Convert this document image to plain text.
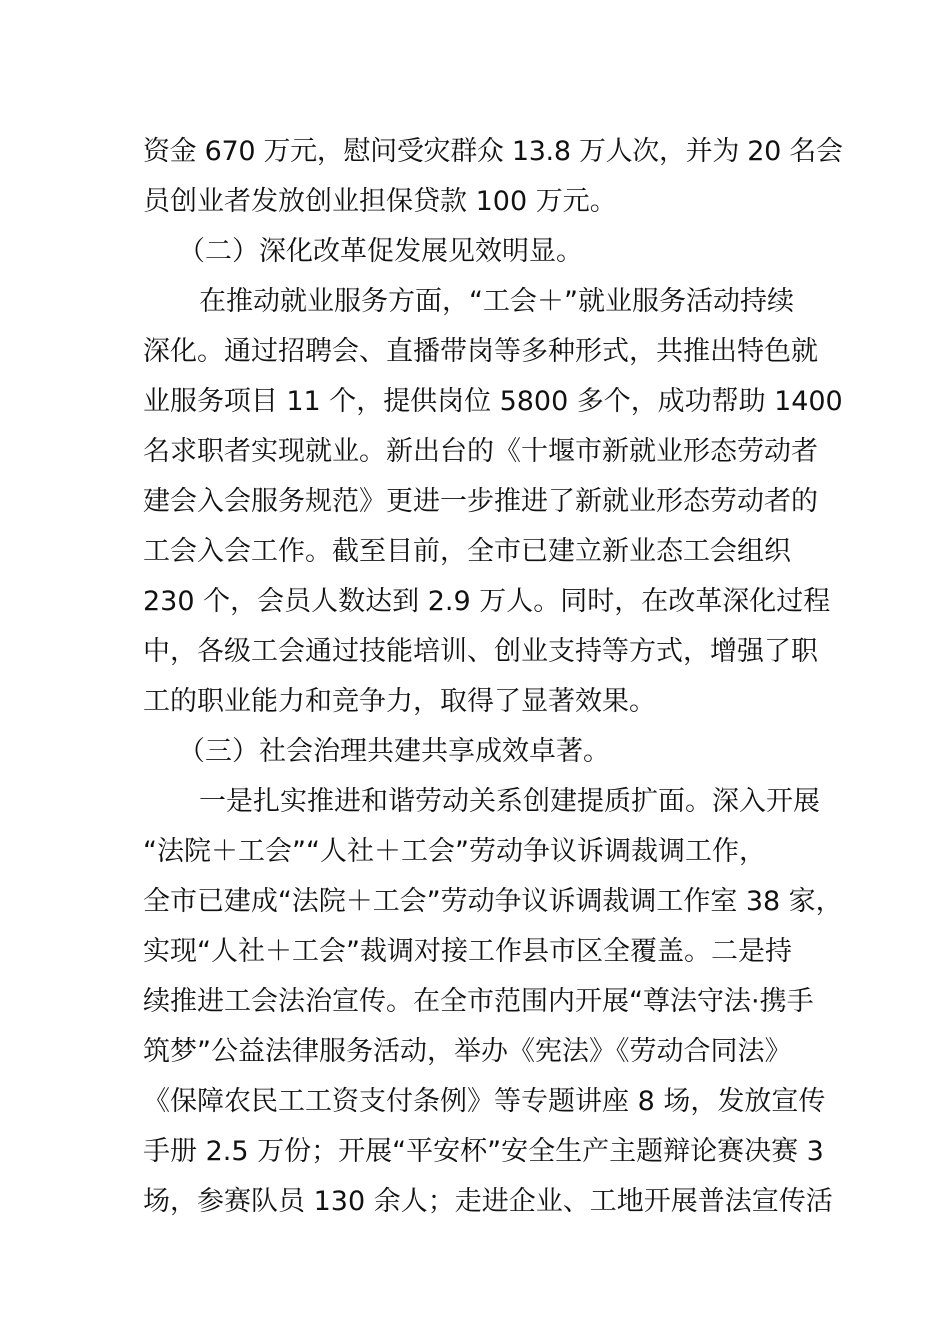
资金 670 万元，慰问受灾群众 13.8 万人次，并为 20 名会
员创业者发放创业担保贷款 100 万元。
（二）深化改革促发展见效明显。
在推动就业服务方面，“工会＋”就业服务活动持续
深化。通过招聘会、直播带岗等多种形式，共推出特色就
业服务项目 11 个，提供岗位 5800 多个，成功帮助 1400
名求职者实现就业。新出台的《十堰市新就业形态劳动者
建会入会服务规范》更进一步推进了新就业形态劳动者的
工会入会工作。截至目前，全市已建立新业态工会组织
230 个，会员人数达到 2.9 万人。同时，在改革深化过程
中，各级工会通过技能培训、创业支持等方式，增强了职
工的职业能力和竞争力，取得了显著效果。
（三）社会治理共建共享成效卓著。
一是扎实推进和谐劳动关系创建提质扩面。深入开展
“法院＋工会”“人社＋工会”劳动争议诉调裁调工作，
全市已建成“法院＋工会”劳动争议诉调裁调工作室 38 家，
实现“人社＋工会”裁调对接工作县市区全覆盖。二是持
续推进工会法治宣传。在全市范围内开展“尊法守法·携手
筑梦”公益法律服务活动，举办《宪法》《劳动合同法》
《保障农民工工资支付条例》等专题讲座 8 场，发放宣传
手册 2.5 万份；开展“平安杯”安全生产主题辩论赛决赛 3
场，参赛队员 130 余人；走进企业、工地开展普法宣传活
